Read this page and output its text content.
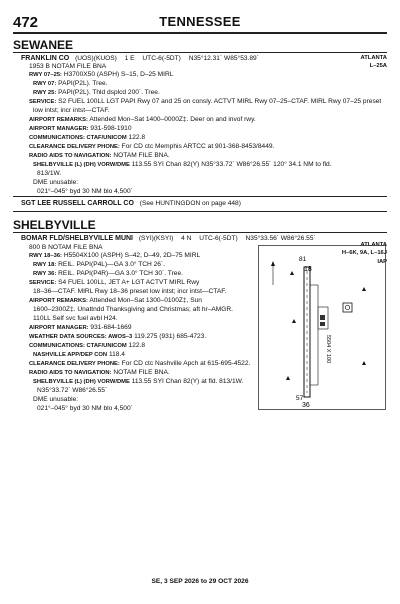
472	TENNESSEE
SEWANEE
FRANKLIN CO (UOS)(KUOS) 1 E UTC-6(-5DT) N35°12.31´ W85°53.89´	ATLANTA
1953 B NOTAM FILE BNA	L–25A
RWY 07–25: H3700X50 (ASPH) S–15, D–25 MIRL
RWY 07: PAPI(P2L). Tree.
RWY 25: PAPI(P2L). Thld dsplcd 200´. Tree.
SERVICE: S2 FUEL 100LL LGT PAPI Rwy 07 and 25 on consly. ACTVT MIRL Rwy 07–25–CTAF. MIRL Rwy 07–25 preset
low intst; incr intst—CTAF.
AIRPORT REMARKS: Attended Mon–Sat 1400–0000Z‡. Deer on and invof rwy.
AIRPORT MANAGER: 931-598-1910
COMMUNICATIONS: CTAF/UNICOM 122.8
CLEARANCE DELIVERY PHONE: For CD ctc Memphis ARTCC at 901-368-8453/8449.
RADIO AIDS TO NAVIGATION: NOTAM FILE BNA.
SHELBYVILLE (L) (DH) VORW/DME 113.55 SYI Chan 82(Y) N35°33.72´ W86°26.55´ 120° 34.1 NM to fld.
813/1W.
DME unusable:
021°–045° byd 30 NM blo 4,500´
SGT LEE RUSSELL CARROLL CO (See HUNTINGDON on page 448)
SHELBYVILLE
BOMAR FLD/SHELBYVILLE MUNI (SYI)(KSYI) 4 N UTC-6(-5DT) N35°33.56´ W86°26.55´
ATLANTA
800 B NOTAM FILE BNA
H–6K, 9A, L–16J
IAP
RWY 18–36: H5504X100 (ASPH) S–42, D–49, 2D–75 MIRL
RWY 18: REIL. PAPI(P4L)—GA 3.0° TCH 26´.
RWY 36: REIL. PAPI(P4R)—GA 3.0° TCH 30´. Tree.
SERVICE: S4 FUEL 100LL, JET A+ LGT ACTVT MIRL Rwy
18–36—CTAF. MIRL Rwy 18–36 preset low intst; incr intst—CTAF.
AIRPORT REMARKS: Attended Mon–Sat 1300–0100Z‡, Sun
1600–2300Z‡. Unattndd Thanksgiving and Christmas; aft hr–AMGR.
110LL Self svc fuel avbl H24.
AIRPORT MANAGER: 931-684-1669
WEATHER DATA SOURCES: AWOS–3 119.275 (931) 685-4723.
COMMUNICATIONS: CTAF/UNICOM 122.8
NASHVILLE APP/DEP CON 118.4
CLEARANCE DELIVERY PHONE: For CD ctc Nashville Apch at 615-695-4522.
RADIO AIDS TO NAVIGATION: NOTAM FILE BNA.
SHELBYVILLE (L) (DH) VORW/DME 113.55 SYI Chan 82(Y) at fld. 813/1W.
N35°33.72´ W86°26.55´
DME unusable:
021°–045° byd 30 NM blo 4,500´
81
18
5504 X 100
57
36
SE, 3 SEP 2026 to 29 OCT 2026
